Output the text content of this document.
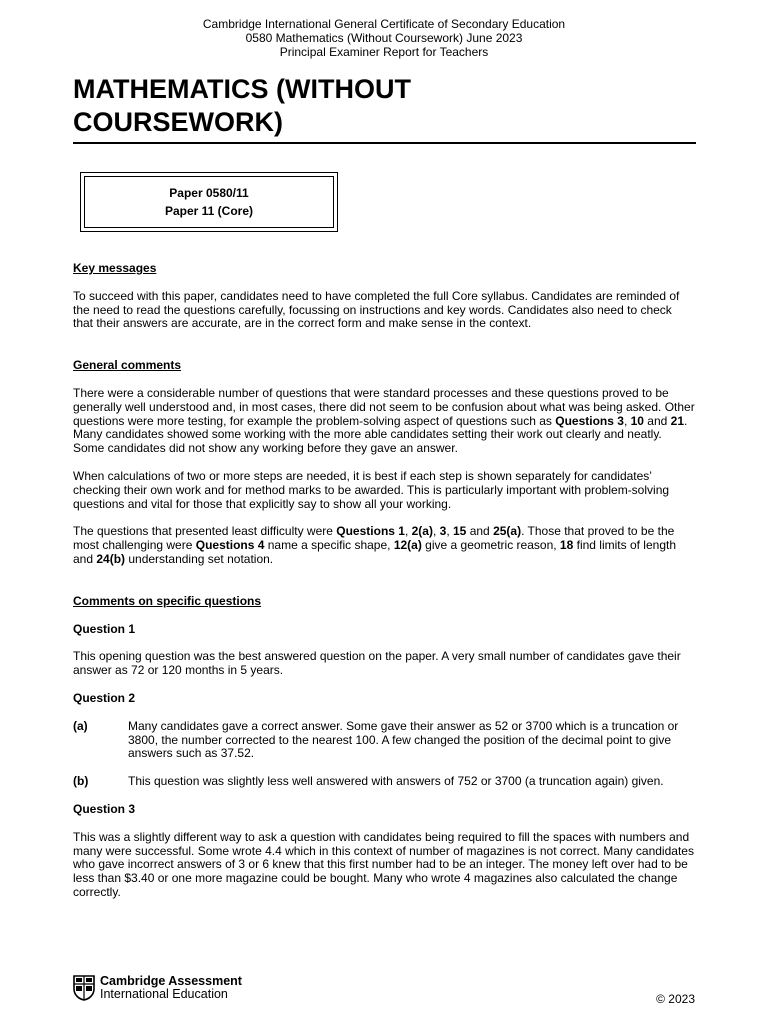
Cambridge International General Certificate of Secondary Education
0580 Mathematics (Without Coursework) June 2023
Principal Examiner Report for Teachers
MATHEMATICS (WITHOUT
COURSEWORK)
Paper 0580/11
Paper 11 (Core)

Key messages

To succeed with this paper, candidates need to have completed the full Core syllabus. Candidates are reminded of the need to read the questions carefully, focussing on instructions and key words. Candidates also need to check that their answers are accurate, are in the correct form and make sense in the context.

General comments

There were a considerable number of questions that were standard processes and these questions proved to be generally well understood and, in most cases, there did not seem to be confusion about what was being asked. Other questions were more testing, for example the problem-solving aspect of questions such as Questions 3, 10 and 21. Many candidates showed some working with the more able candidates setting their work out clearly and neatly. Some candidates did not show any working before they gave an answer.

When calculations of two or more steps are needed, it is best if each step is shown separately for candidates’ checking their own work and for method marks to be awarded. This is particularly important with problem-solving questions and vital for those that explicitly say to show all your working.

The questions that presented least difficulty were Questions 1, 2(a), 3, 15 and 25(a). Those that proved to be the most challenging were Questions 4 name a specific shape, 12(a) give a geometric reason, 18 find limits of length and 24(b) understanding set notation.

Comments on specific questions

Question 1

This opening question was the best answered question on the paper. A very small number of candidates gave their answer as 72 or 120 months in 5 years.

Question 2

(a)	Many candidates gave a correct answer. Some gave their answer as 52 or 3700 which is a truncation or 3800, the number corrected to the nearest 100. A few changed the position of the decimal point to give answers such as 37.52.
(b)	This question was slightly less well answered with answers of 752 or 3700 (a truncation again) given.

Question 3

This was a slightly different way to ask a question with candidates being required to fill the spaces with numbers and many were successful. Some wrote 4.4 which in this context of number of magazines is not correct. Many candidates who gave incorrect answers of 3 or 6 knew that this first number had to be an integer. The money left over had to be less than $3.40 or one more magazine could be bought. Many who wrote 4 magazines also calculated the change correctly.

Cambridge Assessment
International Education	© 2023
